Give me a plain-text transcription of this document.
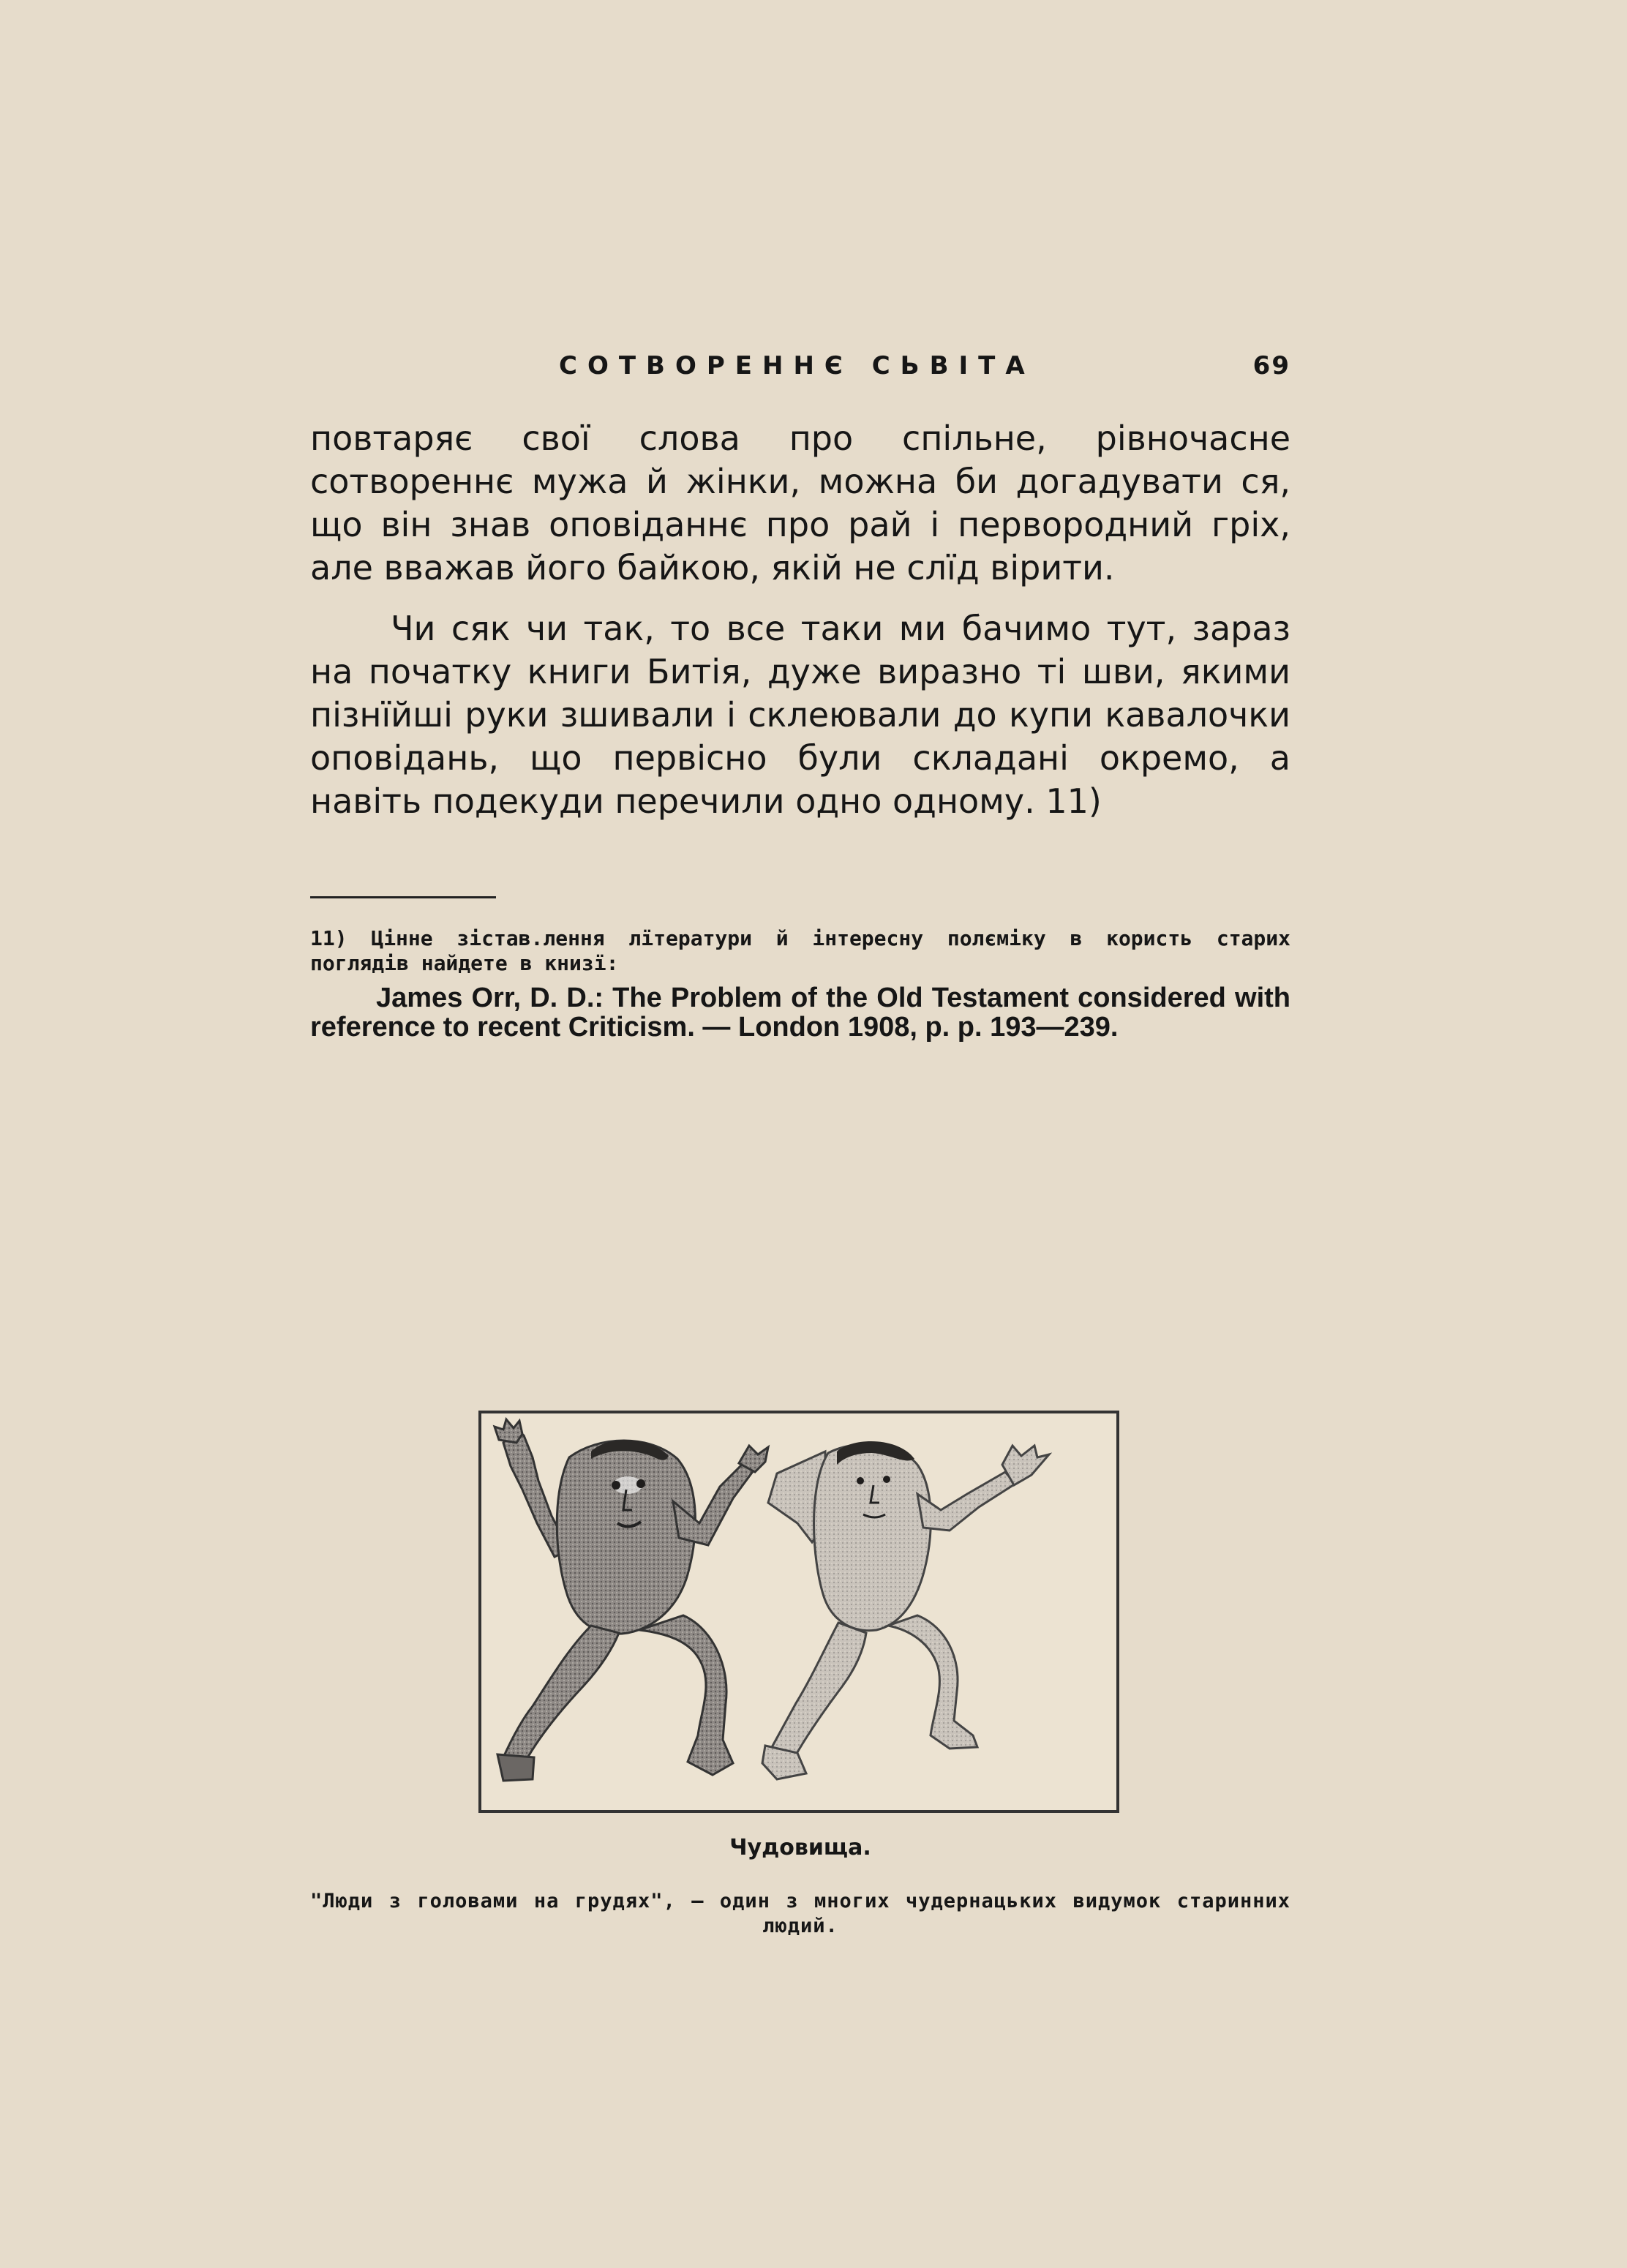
СОТВОРЕННЄ СЬВІТА	69

повтаряє свої слова про спільне, рівночасне сотвореннє мужа й жінки, можна би догадувати ся, що він знав оповіданнє про рай і первородний гріх, але вважав його байкою, якій не слїд вірити.

Чи сяк чи так, то все таки ми бачимо тут, зараз на початку книги Битія, дуже виразно ті шви, якими пізнїйші руки зшивали і склеювали до купи кавалочки оповідань, що первісно були складані окремо, а навіть подекуди перечили одно одному. 11)

11) Цінне зістав.лення лїтератури й інтересну полєміку в користь старих поглядів найдете в книзї:

James Orr, D. D.: The Problem of the Old Testament considered with reference to recent Criticism. — London 1908, p. p. 193—239.

Чудовища.
"Люди з головами на грудях", — один з многих чудернацьких видумок старинних людий.
